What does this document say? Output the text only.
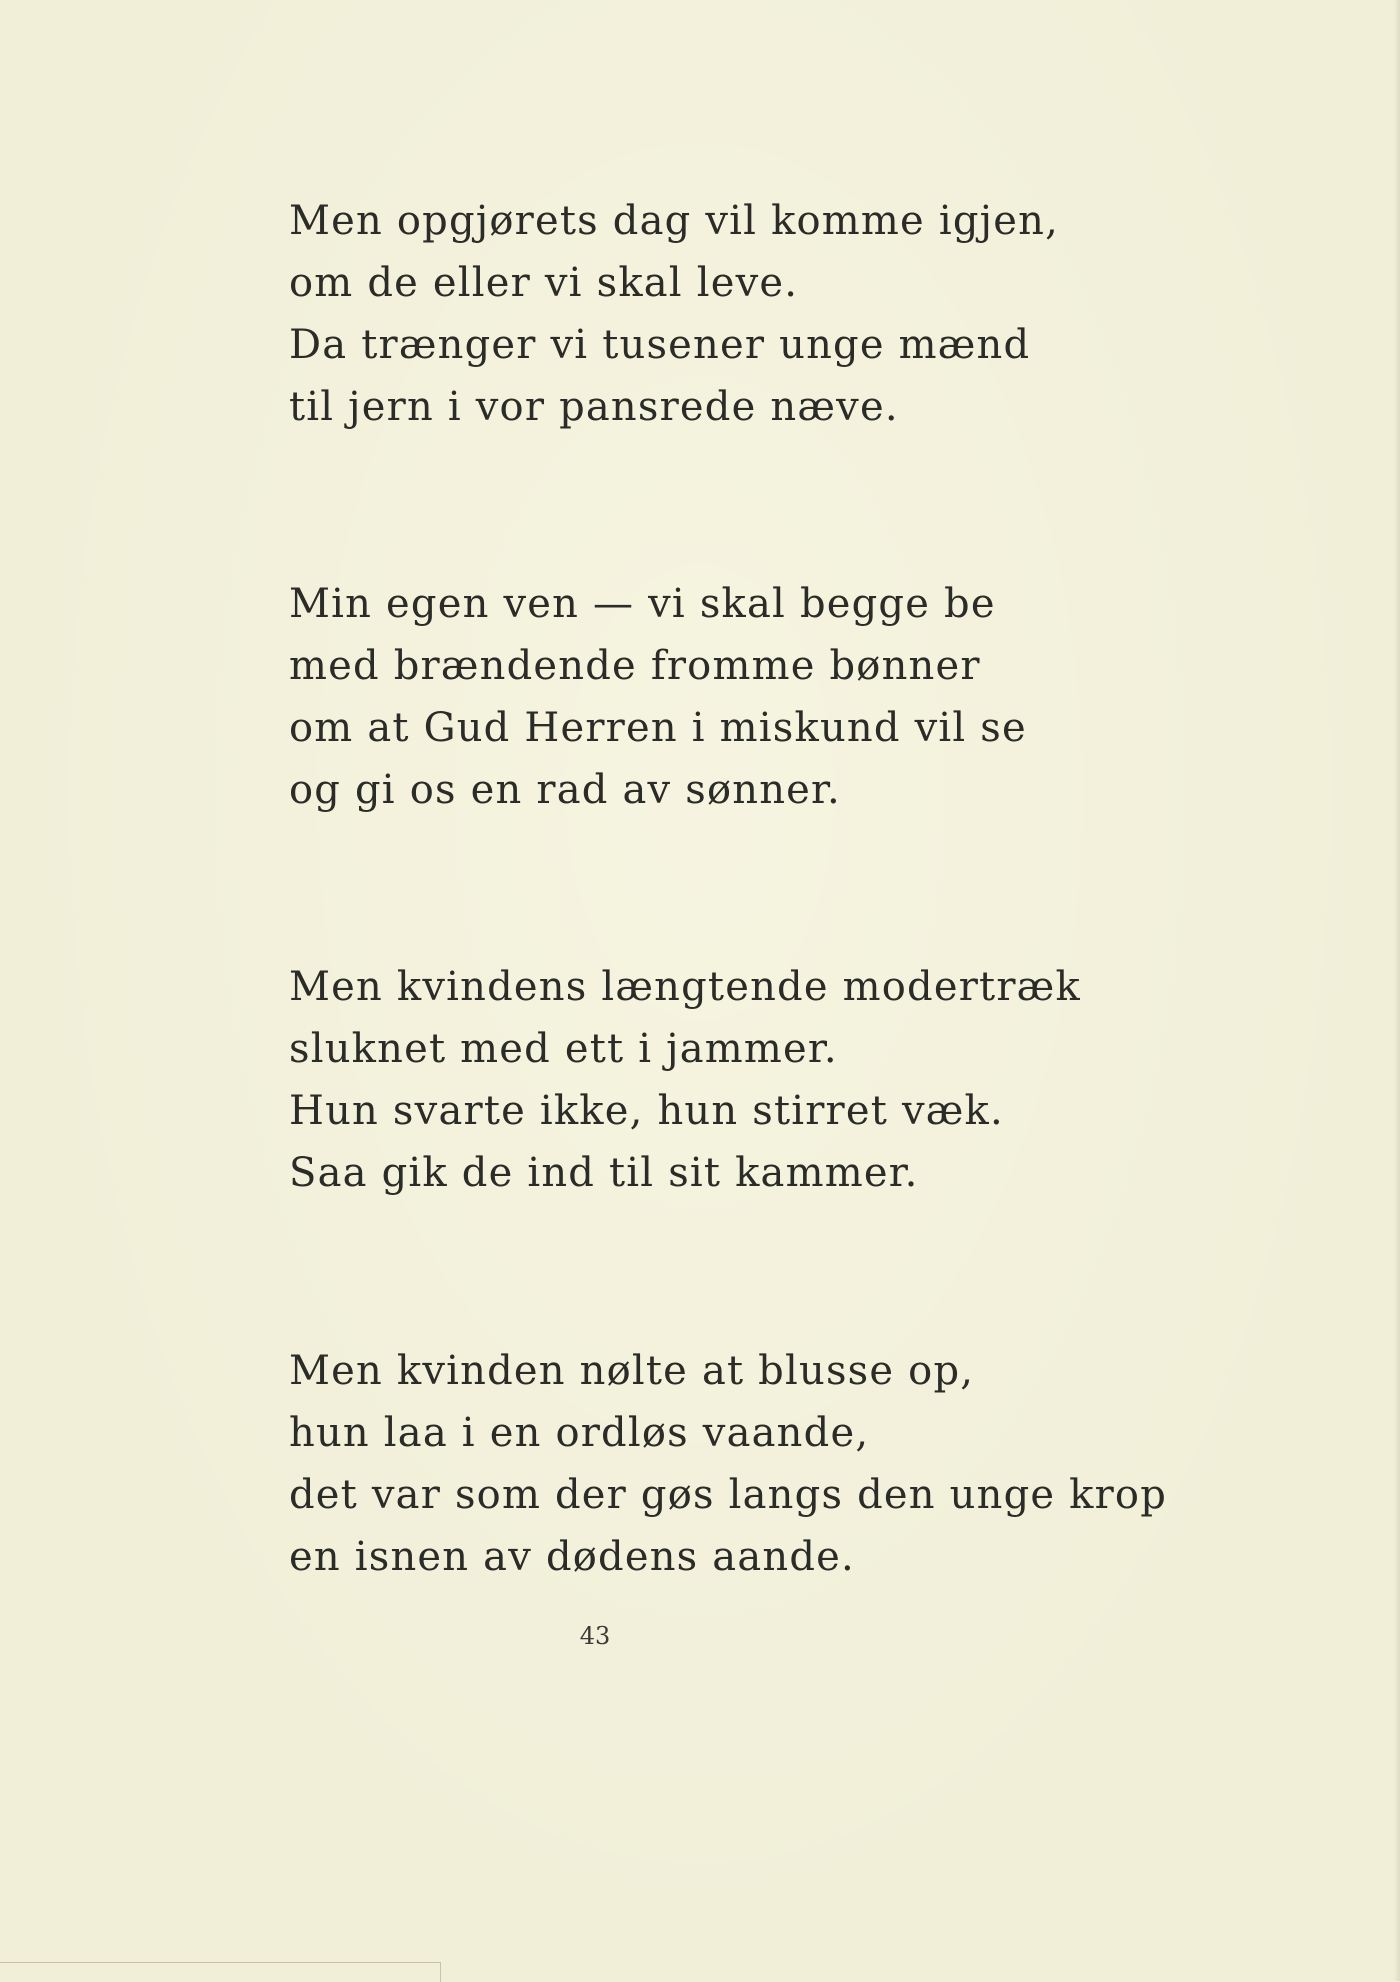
Men opgjørets dag vil komme igjen,
om de eller vi skal leve.
Da trænger vi tusener unge mænd
til jern i vor pansrede næve.
Min egen ven — vi skal begge be
med brændende fromme bønner
om at Gud Herren i miskund vil se
og gi os en rad av sønner.
Men kvindens længtende modertræk
sluknet med ett i jammer.
Hun svarte ikke, hun stirret væk.
Saa gik de ind til sit kammer.
Men kvinden nølte at blusse op,
hun laa i en ordløs vaande,
det var som der gøs langs den unge krop
en isnen av dødens aande.
43
